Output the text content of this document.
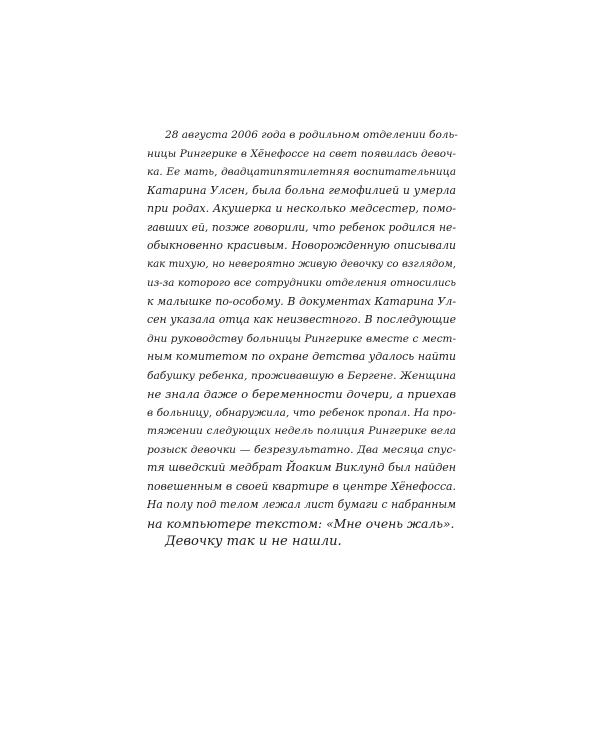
28 августа 2006 года в родильном отделении боль-
ницы Рингерике в Хёнефоссе на свет появилась девоч-
ка. Ее мать, двадцатипятилетняя воспитательница
Катарина Улсен, была больна гемофилией и умерла
при родах. Акушерка и несколько медсестер, помо-
гавших ей, позже говорили, что ребенок родился не-
обыкновенно красивым. Новорожденную описывали
как тихую, но невероятно живую девочку со взглядом,
из-за которого все сотрудники отделения относились
к малышке по-особому. В документах Катарина Ул-
сен указала отца как неизвестного. В последующие
дни руководству больницы Рингерике вместе с мест-
ным комитетом по охране детства удалось найти
бабушку ребенка, проживавшую в Бергене. Женщина
не знала даже о беременности дочери, а приехав
в больницу, обнаружила, что ребенок пропал. На про-
тяжении следующих недель полиция Рингерике вела
розыск девочки — безрезультатно. Два месяца спус-
тя шведский медбрат Йоаким Виклунд был найден
повешенным в своей квартире в центре Хёнефосса.
На полу под телом лежал лист бумаги с набранным
на компьютере текстом: «Мне очень жаль».
Девочку так и не нашли.
